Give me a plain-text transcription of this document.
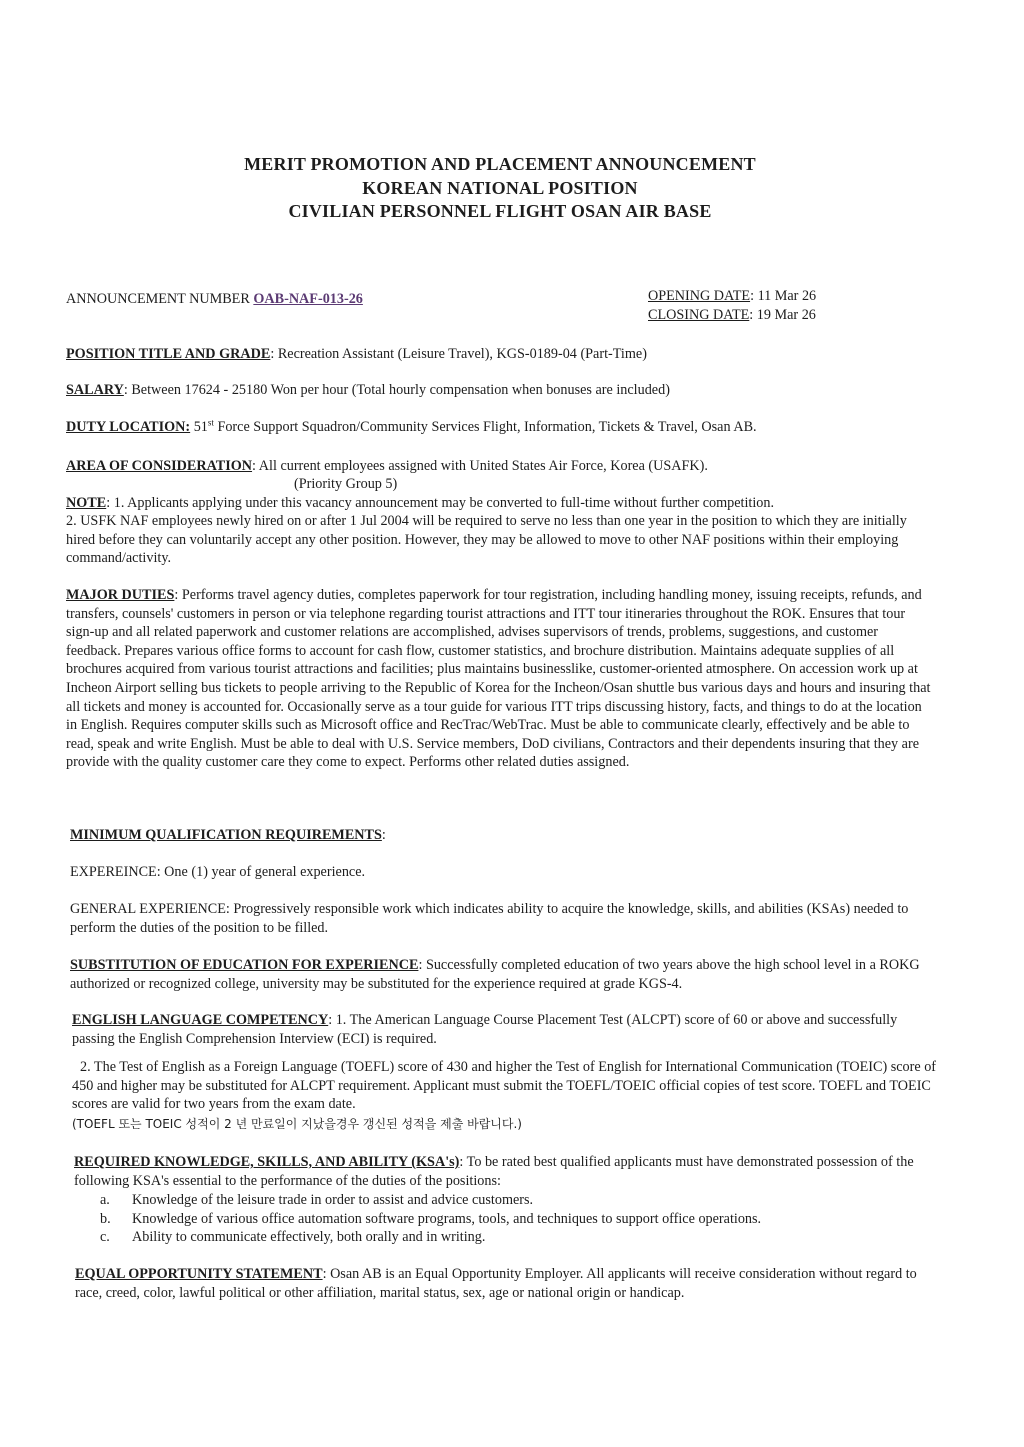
MERIT PROMOTION AND PLACEMENT ANNOUNCEMENT
KOREAN NATIONAL POSITION
CIVILIAN PERSONNEL FLIGHT OSAN AIR BASE
ANNOUNCEMENT NUMBER OAB-NAF-013-26	OPENING DATE: 11 Mar 26
CLOSING DATE: 19 Mar 26
POSITION TITLE AND GRADE: Recreation Assistant (Leisure Travel), KGS-0189-04 (Part-Time)
SALARY: Between 17624 - 25180 Won per hour (Total hourly compensation when bonuses are included)
DUTY LOCATION: 51st Force Support Squadron/Community Services Flight, Information, Tickets & Travel, Osan AB.
AREA OF CONSIDERATION: All current employees assigned with United States Air Force, Korea (USAFK).
(Priority Group 5)
NOTE: 1. Applicants applying under this vacancy announcement may be converted to full-time without further competition.
2. USFK NAF employees newly hired on or after 1 Jul 2004 will be required to serve no less than one year in the position to which they are initially hired before they can voluntarily accept any other position. However, they may be allowed to move to other NAF positions within their employing command/activity.
MAJOR DUTIES: Performs travel agency duties, completes paperwork for tour registration, including handling money, issuing receipts, refunds, and transfers, counsels' customers in person or via telephone regarding tourist attractions and ITT tour itineraries throughout the ROK. Ensures that tour sign-up and all related paperwork and customer relations are accomplished, advises supervisors of trends, problems, suggestions, and customer feedback. Prepares various office forms to account for cash flow, customer statistics, and brochure distribution. Maintains adequate supplies of all brochures acquired from various tourist attractions and facilities; plus maintains businesslike, customer-oriented atmosphere. On accession work up at Incheon Airport selling bus tickets to people arriving to the Republic of Korea for the Incheon/Osan shuttle bus various days and hours and insuring that all tickets and money is accounted for. Occasionally serve as a tour guide for various ITT trips discussing history, facts, and things to do at the location in English. Requires computer skills such as Microsoft office and RecTrac/WebTrac. Must be able to communicate clearly, effectively and be able to read, speak and write English. Must be able to deal with U.S. Service members, DoD civilians, Contractors and their dependents insuring that they are provide with the quality customer care they come to expect. Performs other related duties assigned.
MINIMUM QUALIFICATION REQUIREMENTS:
EXPEREINCE: One (1) year of general experience.
GENERAL EXPERIENCE: Progressively responsible work which indicates ability to acquire the knowledge, skills, and abilities (KSAs) needed to perform the duties of the position to be filled.
SUBSTITUTION OF EDUCATION FOR EXPERIENCE: Successfully completed education of two years above the high school level in a ROKG authorized or recognized college, university may be substituted for the experience required at grade KGS-4.
ENGLISH LANGUAGE COMPETENCY: 1. The American Language Course Placement Test (ALCPT) score of 60 or above and successfully passing the English Comprehension Interview (ECI) is required.
2. The Test of English as a Foreign Language (TOEFL) score of 430 and higher the Test of English for International Communication (TOEIC) score of 450 and higher may be substituted for ALCPT requirement. Applicant must submit the TOEFL/TOEIC official copies of test score. TOEFL and TOEIC scores are valid for two years from the exam date.
(TOEFL 또는 TOEIC 성적이 2 년 만료일이 지났을경우 갱신된 성적을 제출 바랍니다.)
REQUIRED KNOWLEDGE, SKILLS, AND ABILITY (KSA's): To be rated best qualified applicants must have demonstrated possession of the following KSA's essential to the performance of the duties of the positions:
a.	Knowledge of the leisure trade in order to assist and advice customers.
b.	Knowledge of various office automation software programs, tools, and techniques to support office operations.
c.	Ability to communicate effectively, both orally and in writing.
EQUAL OPPORTUNITY STATEMENT: Osan AB is an Equal Opportunity Employer. All applicants will receive consideration without regard to race, creed, color, lawful political or other affiliation, marital status, sex, age or national origin or handicap.
